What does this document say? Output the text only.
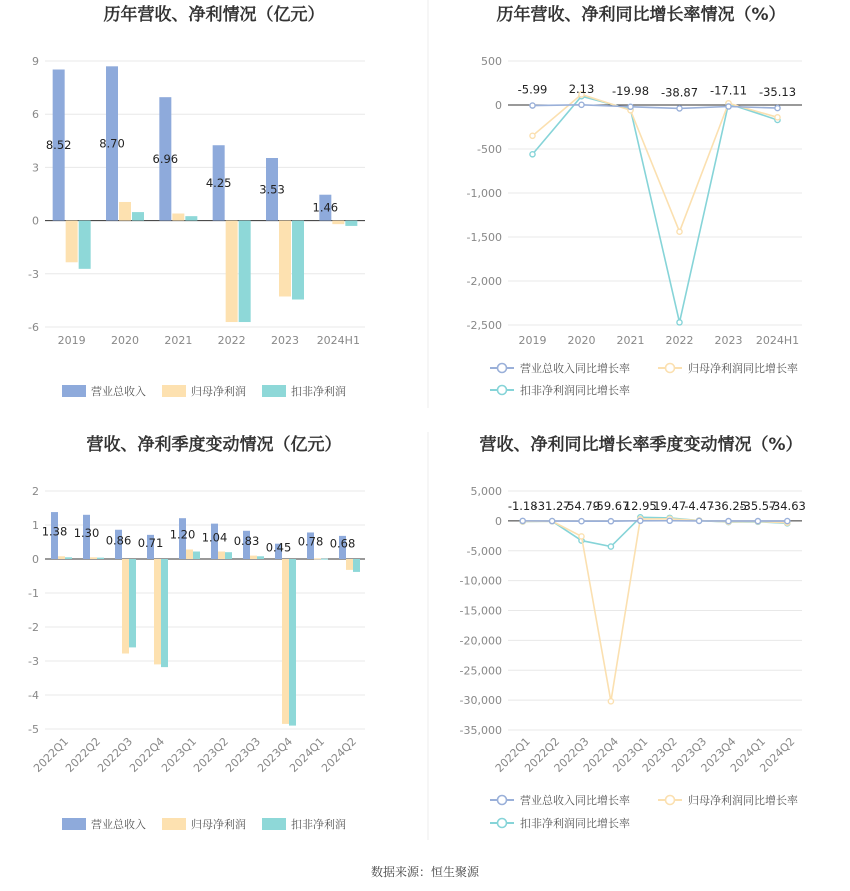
数据来源：恒生聚源
历年营收、净利情况（亿元）
-6
-3
0
3
6
9
2019 2020 2021 2022 2023 2024H1
8.52 8.70
6.96
4.25 3.53
1.46
营业总收入	归母净利润	扣非净利润
历年营收、净利同比增长率情况（%）
-2,500
-2,000
-1,500
-1,000
-500
0
500
2019 2020 2021 2022 2023 2024H1
-5.99 2.13 -19.98 -38.87 -17.11 -35.13
营业总收入同比增长率	归母净利润同比增长率
扣非净利润同比增长率
营收、净利季度变动情况（亿元）
-5
-4
-3
-2
-1
0
1
2
2022Q1
2022Q2
2022Q3
2022Q4
2023Q1
2023Q2
2023Q3
2023Q4
2024Q1
2024Q2
1.38 1.30
0.86 0.71
1.20 1.04 0.83 0.45 0.78 0.68
营业总收入	归母净利润	扣非净利润
营收、净利同比增长率季度变动情况（%）
-35,000
-30,000
-25,000
-20,000
-15,000
-10,000
-5,000
0
5,000
2022Q1
2022Q2
2022Q3
2022Q4
2023Q1
2023Q2
2023Q3
2023Q4
2024Q1
2024Q2
-1.18
-31.27
-54.79
-59.67
12.95
19.47
-4.47
-36.25
-35.57
-34.63
营业总收入同比增长率	归母净利润同比增长率
扣非净利润同比增长率
